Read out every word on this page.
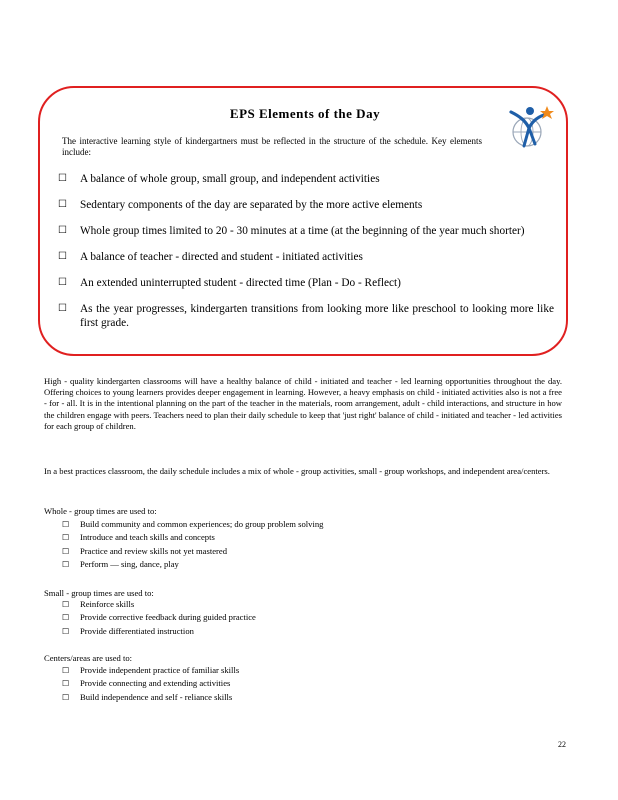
EPS Elements of the Day
The interactive learning style of kindergartners must be reflected in the structure of the schedule. Key elements include:
☐ A balance of whole group, small group, and independent activities
☐ Sedentary components of the day are separated by the more active elements
☐ Whole group times limited to 20 - 30 minutes at a time (at the beginning of the year much shorter)
☐ A balance of teacher - directed and student - initiated activities
☐ An extended uninterrupted student - directed time (Plan - Do - Reflect)
☐ As the year progresses, kindergarten transitions from looking more like preschool to looking more like first grade.

High - quality kindergarten classrooms will have a healthy balance of child - initiated and teacher - led learning opportunities throughout the day. Offering choices to young learners provides deeper engagement in learning. However, a heavy emphasis on child - initiated activities also is not a free - for - all. It is in the intentional planning on the part of the teacher in the materials, room arrangement, adult - child interactions, and structure in how the children engage with peers. Teachers need to plan their daily schedule to keep that 'just right' balance of child - initiated and teacher - led activities for each group of children.

In a best practices classroom, the daily schedule includes a mix of whole - group activities, small - group workshops, and independent area/centers.

Whole - group times are used to:
☐ Build community and common experiences; do group problem solving
☐ Introduce and teach skills and concepts
☐ Practice and review skills not yet mastered
☐ Perform — sing, dance, play
Small - group times are used to:
☐ Reinforce skills
☐ Provide corrective feedback during guided practice
☐ Provide differentiated instruction
Centers/areas are used to:
☐ Provide independent practice of familiar skills
☐ Provide connecting and extending activities
☐ Build independence and self - reliance skills
22
